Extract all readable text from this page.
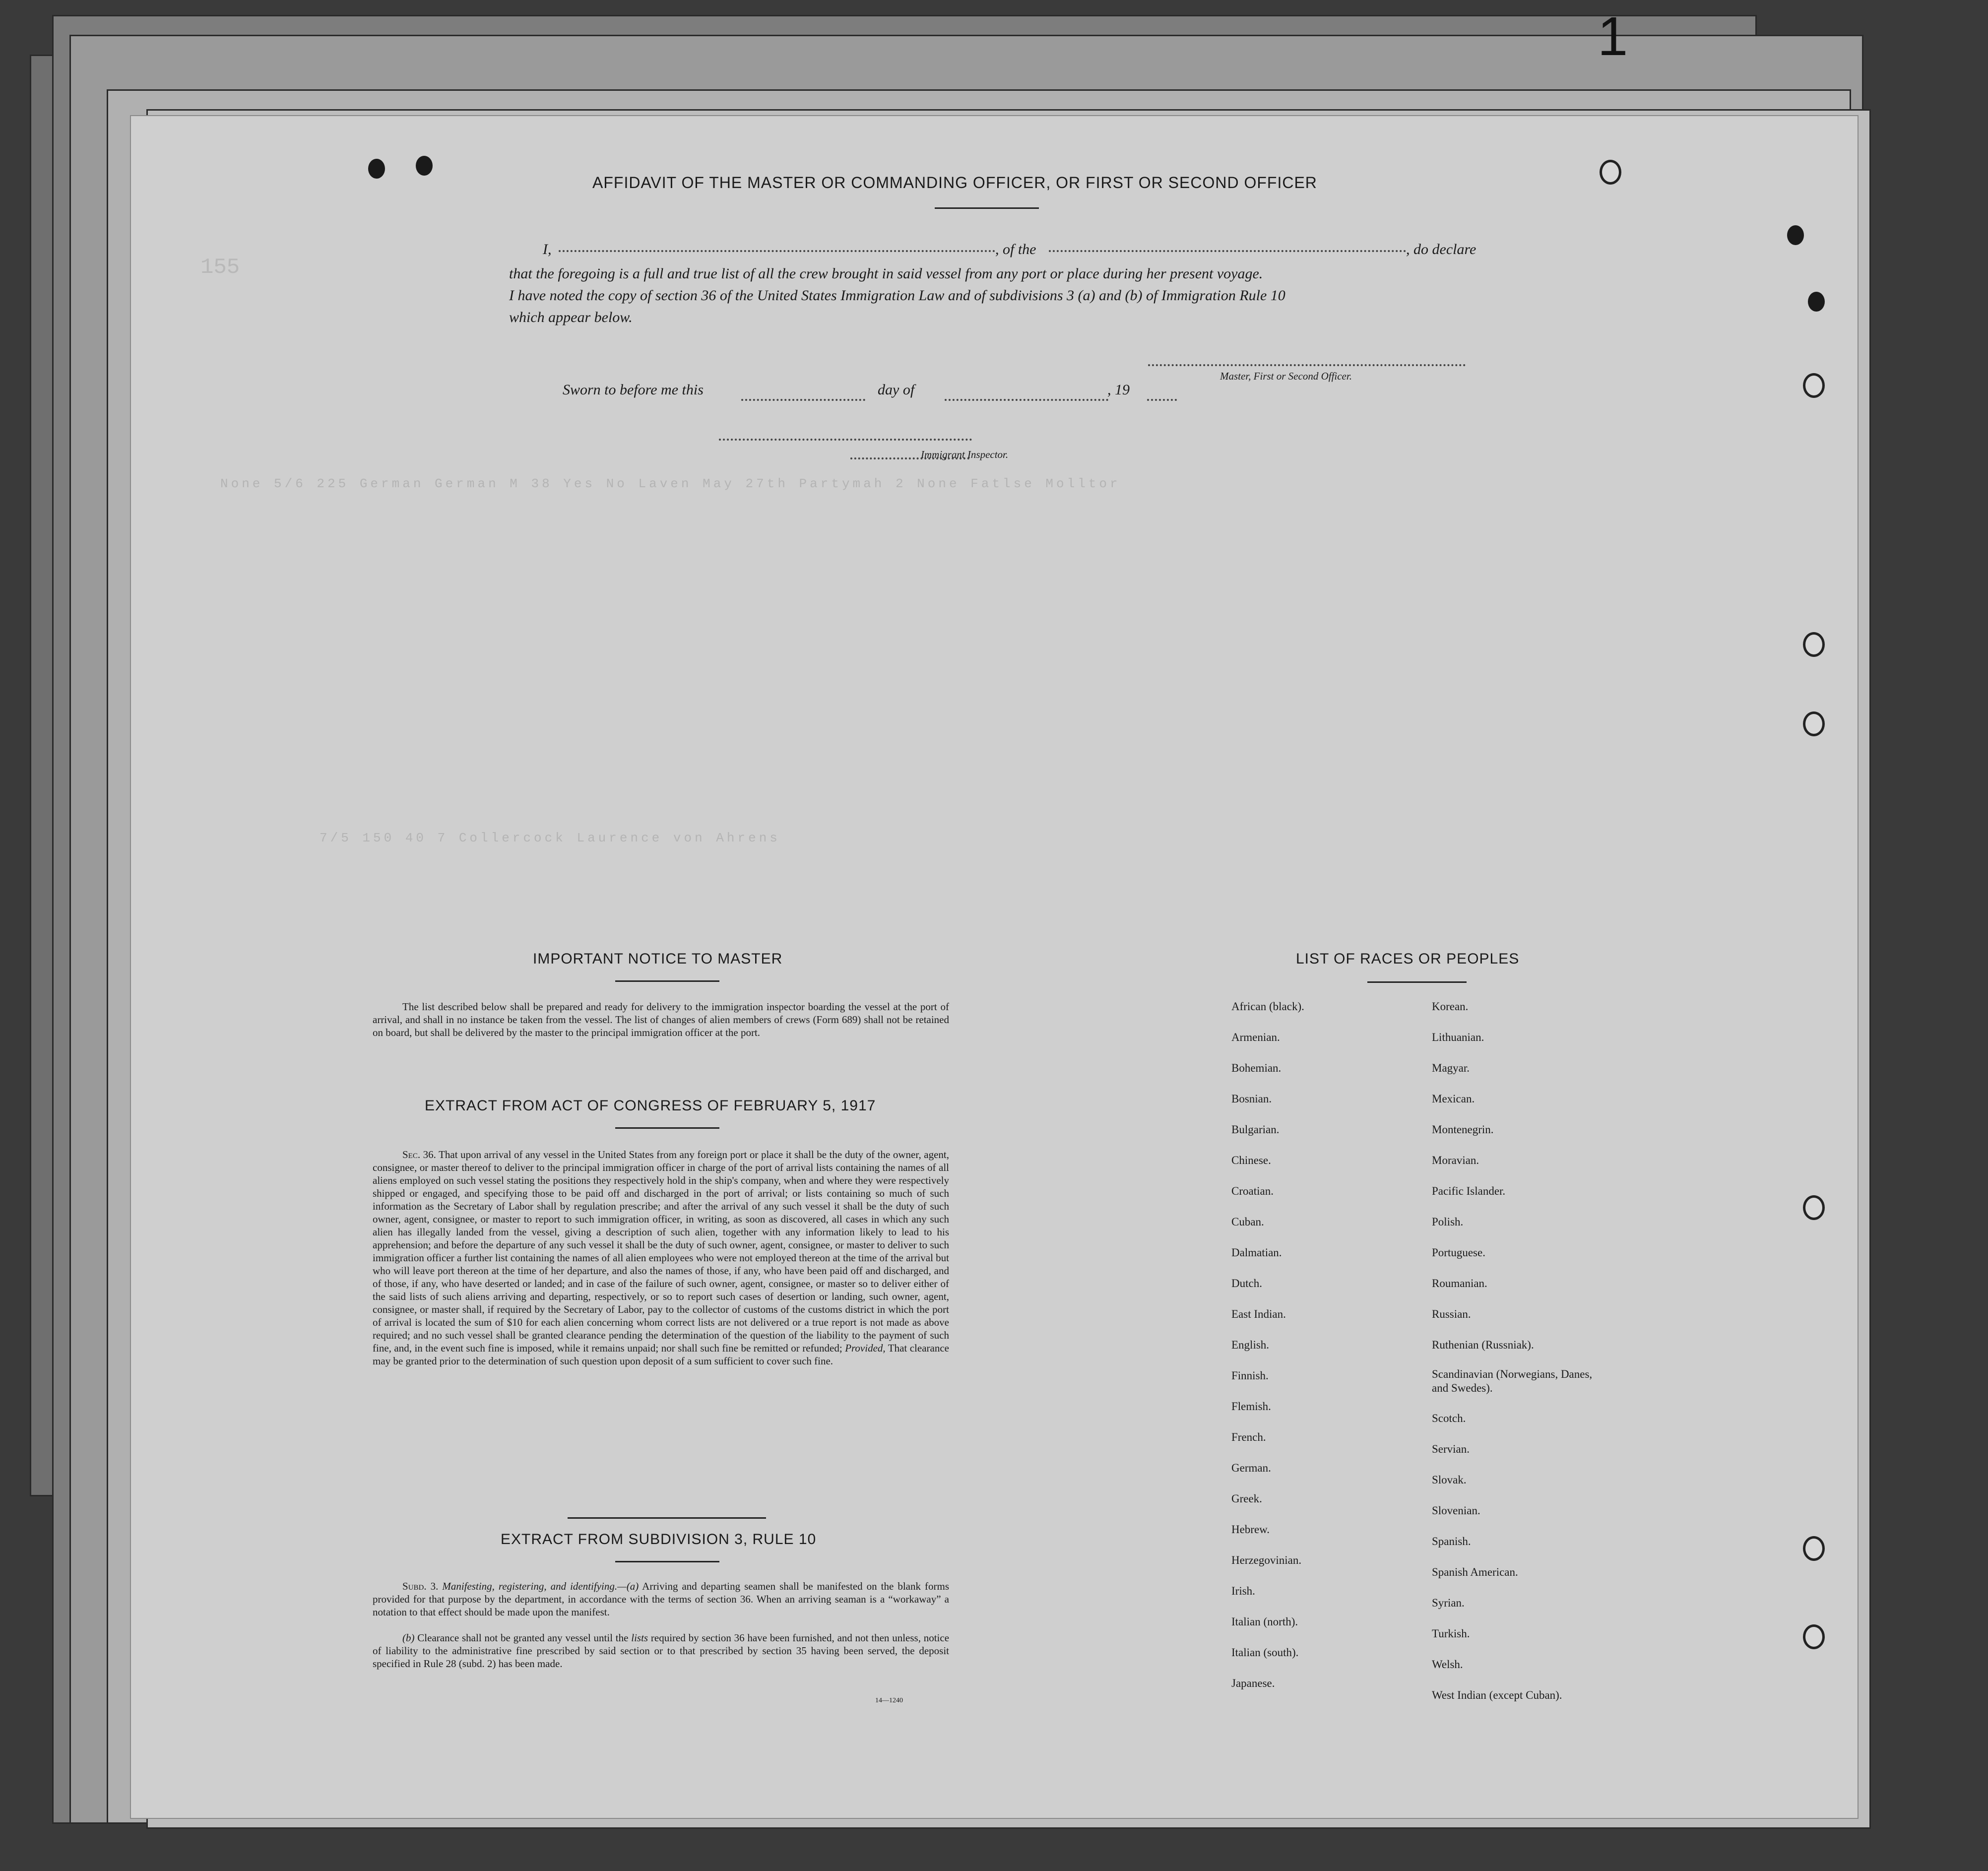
1
155
None 5/6 225 German German M 38 Yes No Laven May 27th Partymah 2 None Fatlse Molltor
7/5 150 40 7 Collercock Laurence von Ahrens
AFFIDAVIT OF THE MASTER OR COMMANDING OFFICER, OR FIRST OR SECOND OFFICER
I,	, of the	, do declare
that the foregoing is a full and true list of all the crew brought in said vessel from any port or place during her present voyage.
I have noted the copy of section 36 of the United States Immigration Law and of subdivisions 3 (a) and (b) of Immigration Rule 10
which appear below.
Master, First or Second Officer.
Sworn to before me this	day of	, 19
Immigrant Inspector.
IMPORTANT NOTICE TO MASTER
The list described below shall be prepared and ready for delivery to the immigration inspector boarding the vessel at the port of arrival, and shall in no instance be taken from the vessel. The list of changes of alien members of crews (Form 689) shall not be retained on board, but shall be delivered by the master to the principal immigration officer at the port.
EXTRACT FROM ACT OF CONGRESS OF FEBRUARY 5, 1917
Sec. 36. That upon arrival of any vessel in the United States from any foreign port or place it shall be the duty of the owner, agent, consignee, or master thereof to deliver to the principal immigration officer in charge of the port of arrival lists containing the names of all aliens employed on such vessel stating the positions they respectively hold in the ship's company, when and where they were respectively shipped or engaged, and specifying those to be paid off and discharged in the port of arrival; or lists containing so much of such information as the Secretary of Labor shall by regulation prescribe; and after the arrival of any such vessel it shall be the duty of such owner, agent, consignee, or master to report to such immigration officer, in writing, as soon as discovered, all cases in which any such alien has illegally landed from the vessel, giving a description of such alien, together with any information likely to lead to his apprehension; and before the departure of any such vessel it shall be the duty of such owner, agent, consignee, or master to deliver to such immigration officer a further list containing the names of all alien employees who were not employed thereon at the time of the arrival but who will leave port thereon at the time of her departure, and also the names of those, if any, who have been paid off and discharged, and of those, if any, who have deserted or landed; and in case of the failure of such owner, agent, consignee, or master so to deliver either of the said lists of such aliens arriving and departing, respectively, or so to report such cases of desertion or landing, such owner, agent, consignee, or master shall, if required by the Secretary of Labor, pay to the collector of customs of the customs district in which the port of arrival is located the sum of $10 for each alien concerning whom correct lists are not delivered or a true report is not made as above required; and no such vessel shall be granted clearance pending the determination of the question of the liability to the payment of such fine, and, in the event such fine is imposed, while it remains unpaid; nor shall such fine be remitted or refunded; Provided, That clearance may be granted prior to the determination of such question upon deposit of a sum sufficient to cover such fine.
EXTRACT FROM SUBDIVISION 3, RULE 10
Subd. 3. Manifesting, registering, and identifying.—(a) Arriving and departing seamen shall be manifested on the blank forms provided for that purpose by the department, in accordance with the terms of section 36. When an arriving seaman is a “workaway” a notation to that effect should be made upon the manifest.
(b) Clearance shall not be granted any vessel until the lists required by section 36 have been furnished, and not then unless, notice of liability to the administrative fine prescribed by said section or to that prescribed by section 35 having been served, the deposit specified in Rule 28 (subd. 2) has been made.
14—1240
LIST OF RACES OR PEOPLES
African (black).
Armenian.
Bohemian.
Bosnian.
Bulgarian.
Chinese.
Croatian.
Cuban.
Dalmatian.
Dutch.
East Indian.
English.
Finnish.
Flemish.
French.
German.
Greek.
Hebrew.
Herzegovinian.
Irish.
Italian (north).
Italian (south).
Japanese.
Korean.
Lithuanian.
Magyar.
Mexican.
Montenegrin.
Moravian.
Pacific Islander.
Polish.
Portuguese.
Roumanian.
Russian.
Ruthenian (Russniak).
Scandinavian (Norwegians, Danes, and Swedes).
Scotch.
Servian.
Slovak.
Slovenian.
Spanish.
Spanish American.
Syrian.
Turkish.
Welsh.
West Indian (except Cuban).
